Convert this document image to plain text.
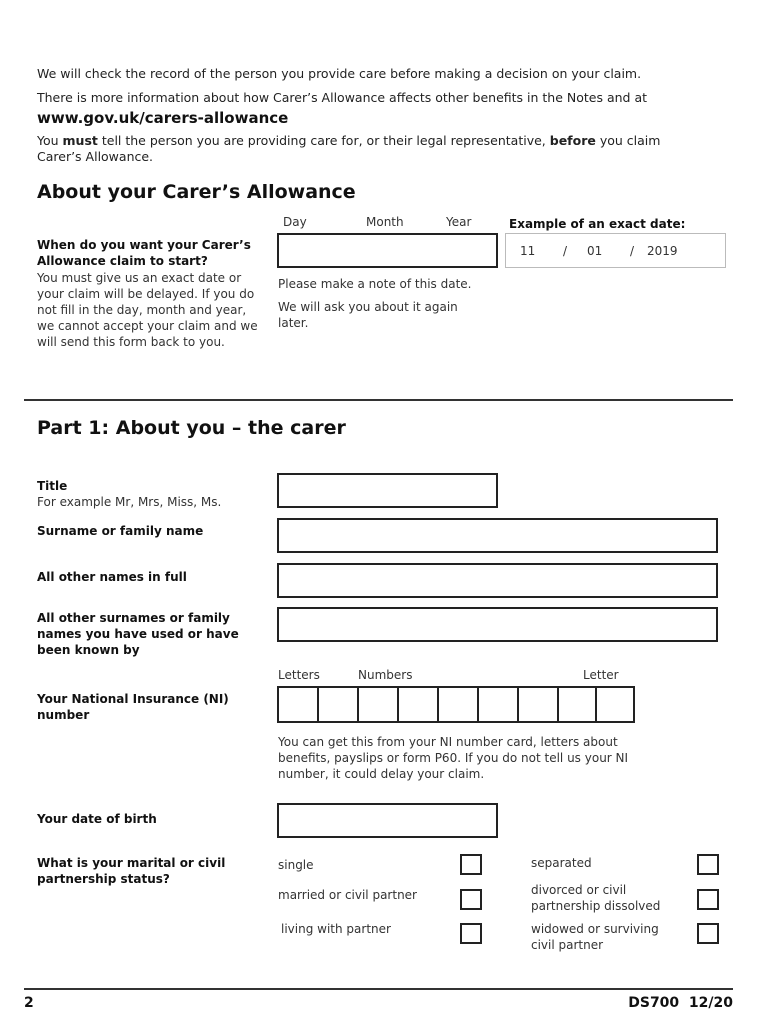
We will check the record of the person you provide care before making a decision on your claim.
There is more information about how Carer’s Allowance affects other benefits in the Notes and at
www.gov.uk/carers-allowance
You must tell the person you are providing care for, or their legal representative, before you claim
Carer’s Allowance.
About your Carer’s Allowance
Day	Month	Year	Example of an exact date:
11 / 01 / 2019
When do you want your Carer’s Allowance claim to start?
You must give us an exact date or your claim will be delayed. If you do not fill in the day, month and year, we cannot accept your claim and we will send this form back to you.
Please make a note of this date.
We will ask you about it again later.
Part 1: About you – the carer
Title
For example Mr, Mrs, Miss, Ms.
Surname or family name
All other names in full
All other surnames or family names you have used or have been known by
Letters	Numbers	Letter
Your National Insurance (NI) number
You can get this from your NI number card, letters about benefits, payslips or form P60. If you do not tell us your NI number, it could delay your claim.
Your date of birth
What is your marital or civil partnership status?
single
married or civil partner
living with partner
separated
divorced or civil partnership dissolved
widowed or surviving civil partner
2	DS700  12/20
